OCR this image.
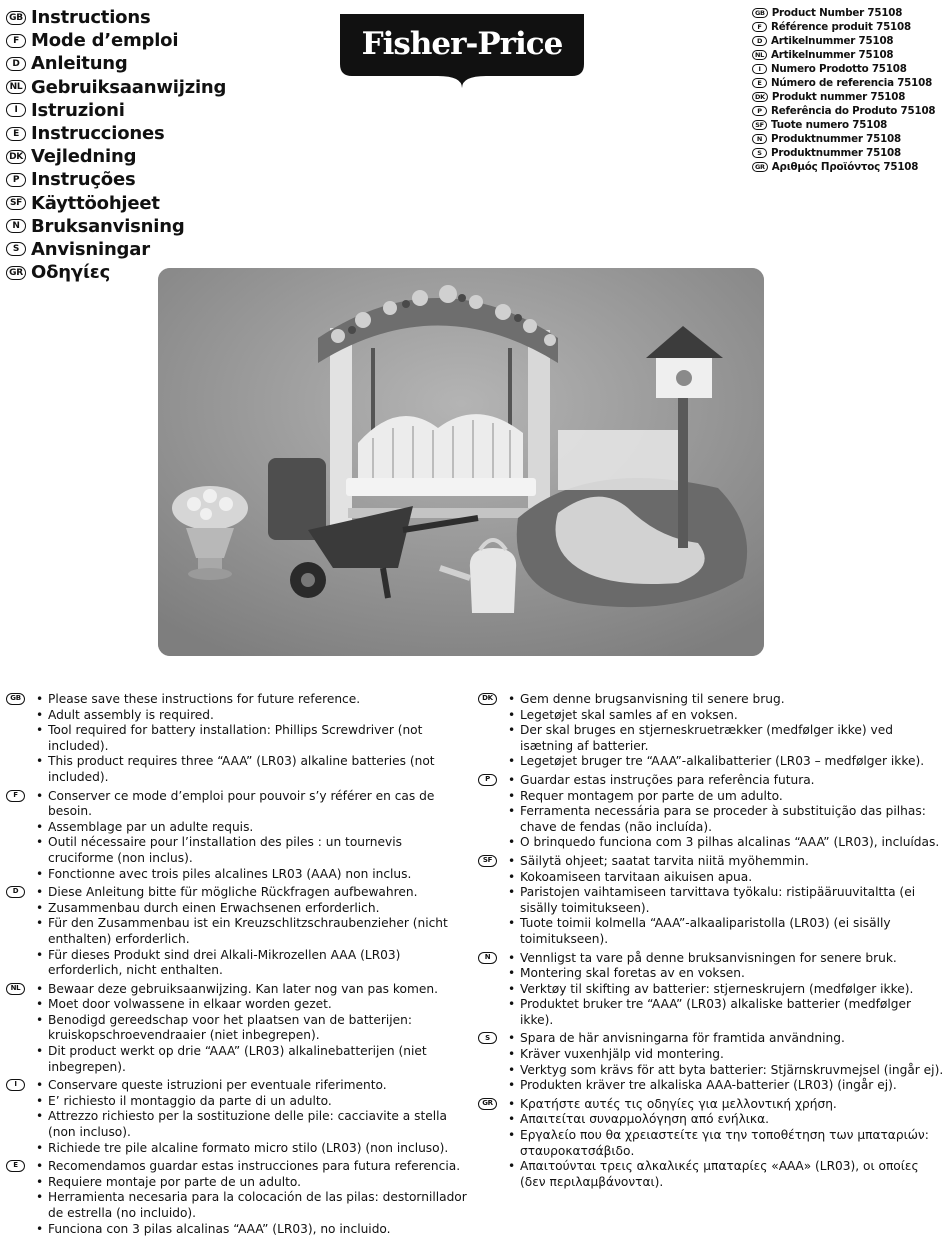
GB Instructions
F Mode d’emploi
D Anleitung
NL Gebruiksaanwijzing
I Istruzioni
E Instrucciones
DK Vejledning
P Instruções
SF Käyttöohjeet
N Bruksanvisning
S Anvisningar
GR Οδηγίες
Fisher-Price
GB Product Number 75108
F Référence produit 75108
D Artikelnummer 75108
NL Artikelnummer 75108
I	Numero Prodotto 75108
E Número de referencia 75108
DK Produkt nummer 75108
P Referência do Produto 75108
SF Tuote numero 75108
N Produktnummer 75108
S Produktnummer 75108
GR Αριθμός Προϊόντος 75108
GB	• Please save these instructions for future reference.
• Adult assembly is required.
• Tool required for battery installation: Phillips Screwdriver (not included).
• This product requires three “AAA” (LR03) alkaline batteries (not included).
F	• Conserver ce mode d’emploi pour pouvoir s’y référer en cas de besoin.
• Assemblage par un adulte requis.
• Outil nécessaire pour l’installation des piles : un tournevis cruciforme (non inclus).
• Fonctionne avec trois piles alcalines LR03 (AAA) non inclus.
D	• Diese Anleitung bitte für mögliche Rückfragen aufbewahren.
• Zusammenbau durch einen Erwachsenen erforderlich.
• Für den Zusammenbau ist ein Kreuzschlitzschraubenzieher (nicht enthalten) erforderlich.
• Für dieses Produkt sind drei Alkali-Mikrozellen AAA (LR03) erforderlich, nicht enthalten.
NL	• Bewaar deze gebruiksaanwijzing. Kan later nog van pas komen.
• Moet door volwassene in elkaar worden gezet.
• Benodigd gereedschap voor het plaatsen van de batterijen: kruiskopschroevendraaier (niet inbegrepen).
• Dit product werkt op drie “AAA” (LR03) alkalinebatterijen (niet inbegrepen).
I	• Conservare queste istruzioni per eventuale riferimento.
• E’ richiesto il montaggio da parte di un adulto.
• Attrezzo richiesto per la sostituzione delle pile: cacciavite a stella (non incluso).
• Richiede tre pile alcaline formato micro stilo (LR03) (non incluso).
E	• Recomendamos guardar estas instrucciones para futura referencia.
• Requiere montaje por parte de un adulto.
• Herramienta necesaria para la colocación de las pilas: destornillador de estrella (no incluido).
• Funciona con 3 pilas alcalinas “AAA” (LR03), no incluido.
DK	• Gem denne brugsanvisning til senere brug.
• Legetøjet skal samles af en voksen.
• Der skal bruges en stjerneskruetrækker (medfølger ikke) ved isætning af batterier.
• Legetøjet bruger tre “AAA”-alkalibatterier (LR03 – medfølger ikke).
P	• Guardar estas instruções para referência futura.
• Requer montagem por parte de um adulto.
• Ferramenta necessária para se proceder à substituição das pilhas: chave de fendas (não incluída).
• O brinquedo funciona com 3 pilhas alcalinas “AAA” (LR03), incluídas.
SF	• Säilytä ohjeet; saatat tarvita niitä myöhemmin.
• Kokoamiseen tarvitaan aikuisen apua.
• Paristojen vaihtamiseen tarvittava työkalu: ristipääruuvitaltta (ei sisälly toimitukseen).
• Tuote toimii kolmella “AAA”-alkaaliparistolla (LR03) (ei sisälly toimitukseen).
N	• Vennligst ta vare på denne bruksanvisningen for senere bruk.
• Montering skal foretas av en voksen.
• Verktøy til skifting av batterier: stjerneskrujern (medfølger ikke).
• Produktet bruker tre “AAA” (LR03) alkaliske batterier (medfølger ikke).
S	• Spara de här anvisningarna för framtida användning.
• Kräver vuxenhjälp vid montering.
• Verktyg som krävs för att byta batterier: Stjärnskruvmejsel (ingår ej).
• Produkten kräver tre alkaliska AAA-batterier (LR03) (ingår ej).
GR	• Κρατήστε αυτές τις οδηγίες για μελλοντική χρήση.
• Απαιτείται συναρμολόγηση από ενήλικα.
• Εργαλείο που θα χρειαστείτε για την τοποθέτηση των μπαταριών: σταυροκατσάβιδο.
• Απαιτούνται τρεις αλκαλικές μπαταρίες «ΑΑΑ» (LR03), οι οποίες (δεν περιλαμβάνονται).
